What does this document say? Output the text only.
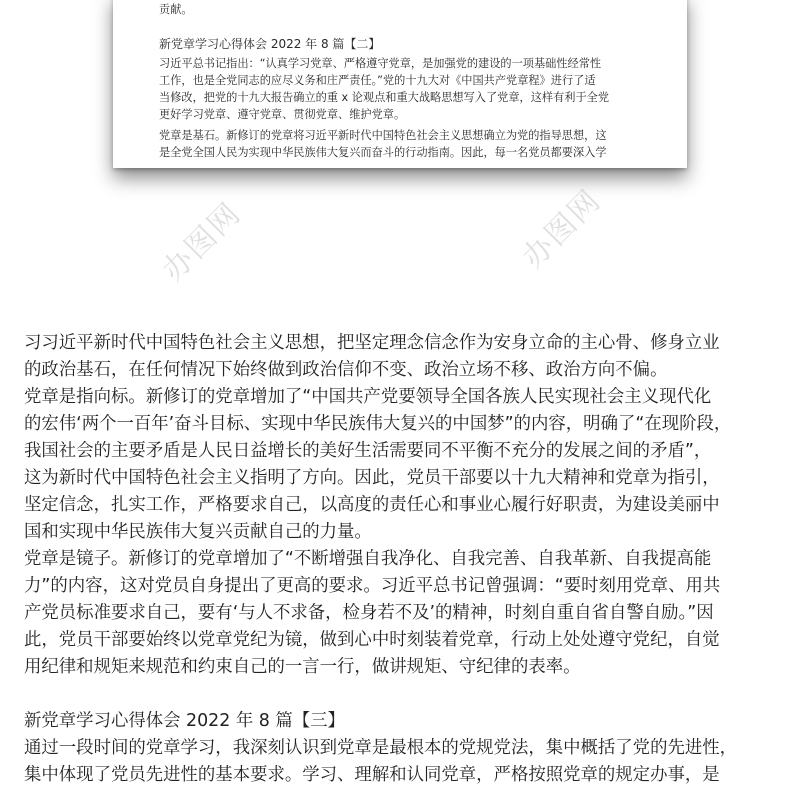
贡献。

新党章学习心得体会 2022 年 8 篇【二】

习近平总书记指出：“认真学习党章、严格遵守党章，是加强党的建设的一项基础性经常性

工作，也是全党同志的应尽义务和庄严责任。”党的十九大对《中国共产党章程》进行了适

当修改，把党的十九大报告确立的重 x 论观点和重大战略思想写入了党章，这样有利于全党

更好学习党章、遵守党章、贯彻党章、维护党章。

党章是基石。新修订的党章将习近平新时代中国特色社会主义思想确立为党的指导思想，这

是全党全国人民为实现中华民族伟大复兴而奋斗的行动指南。因此，每一名党员都要深入学

办图网	办图网

习习近平新时代中国特色社会主义思想，把坚定理念信念作为安身立命的主心骨、修身立业

的政治基石，在任何情况下始终做到政治信仰不变、政治立场不移、政治方向不偏。

党章是指向标。新修订的党章增加了“中国共产党要领导全国各族人民实现社会主义现代化

的宏伟‘两个一百年’奋斗目标、实现中华民族伟大复兴的中国梦”的内容，明确了“在现阶段，

我国社会的主要矛盾是人民日益增长的美好生活需要同不平衡不充分的发展之间的矛盾”，

这为新时代中国特色社会主义指明了方向。因此，党员干部要以十九大精神和党章为指引，

坚定信念，扎实工作，严格要求自己，以高度的责任心和事业心履行好职责，为建设美丽中

国和实现中华民族伟大复兴贡献自己的力量。

党章是镜子。新修订的党章增加了“不断增强自我净化、自我完善、自我革新、自我提高能

力”的内容，这对党员自身提出了更高的要求。习近平总书记曾强调：“要时刻用党章、用共

产党员标准要求自己，要有‘与人不求备，检身若不及’的精神，时刻自重自省自警自励。”因

此，党员干部要始终以党章党纪为镜，做到心中时刻装着党章，行动上处处遵守党纪，自觉

用纪律和规矩来规范和约束自己的一言一行，做讲规矩、守纪律的表率。

新党章学习心得体会 2022 年 8 篇【三】

通过一段时间的党章学习，我深刻认识到党章是最根本的党规党法，集中概括了党的先进性，

集中体现了党员先进性的基本要求。学习、理解和认同党章，严格按照党章的规定办事，是
